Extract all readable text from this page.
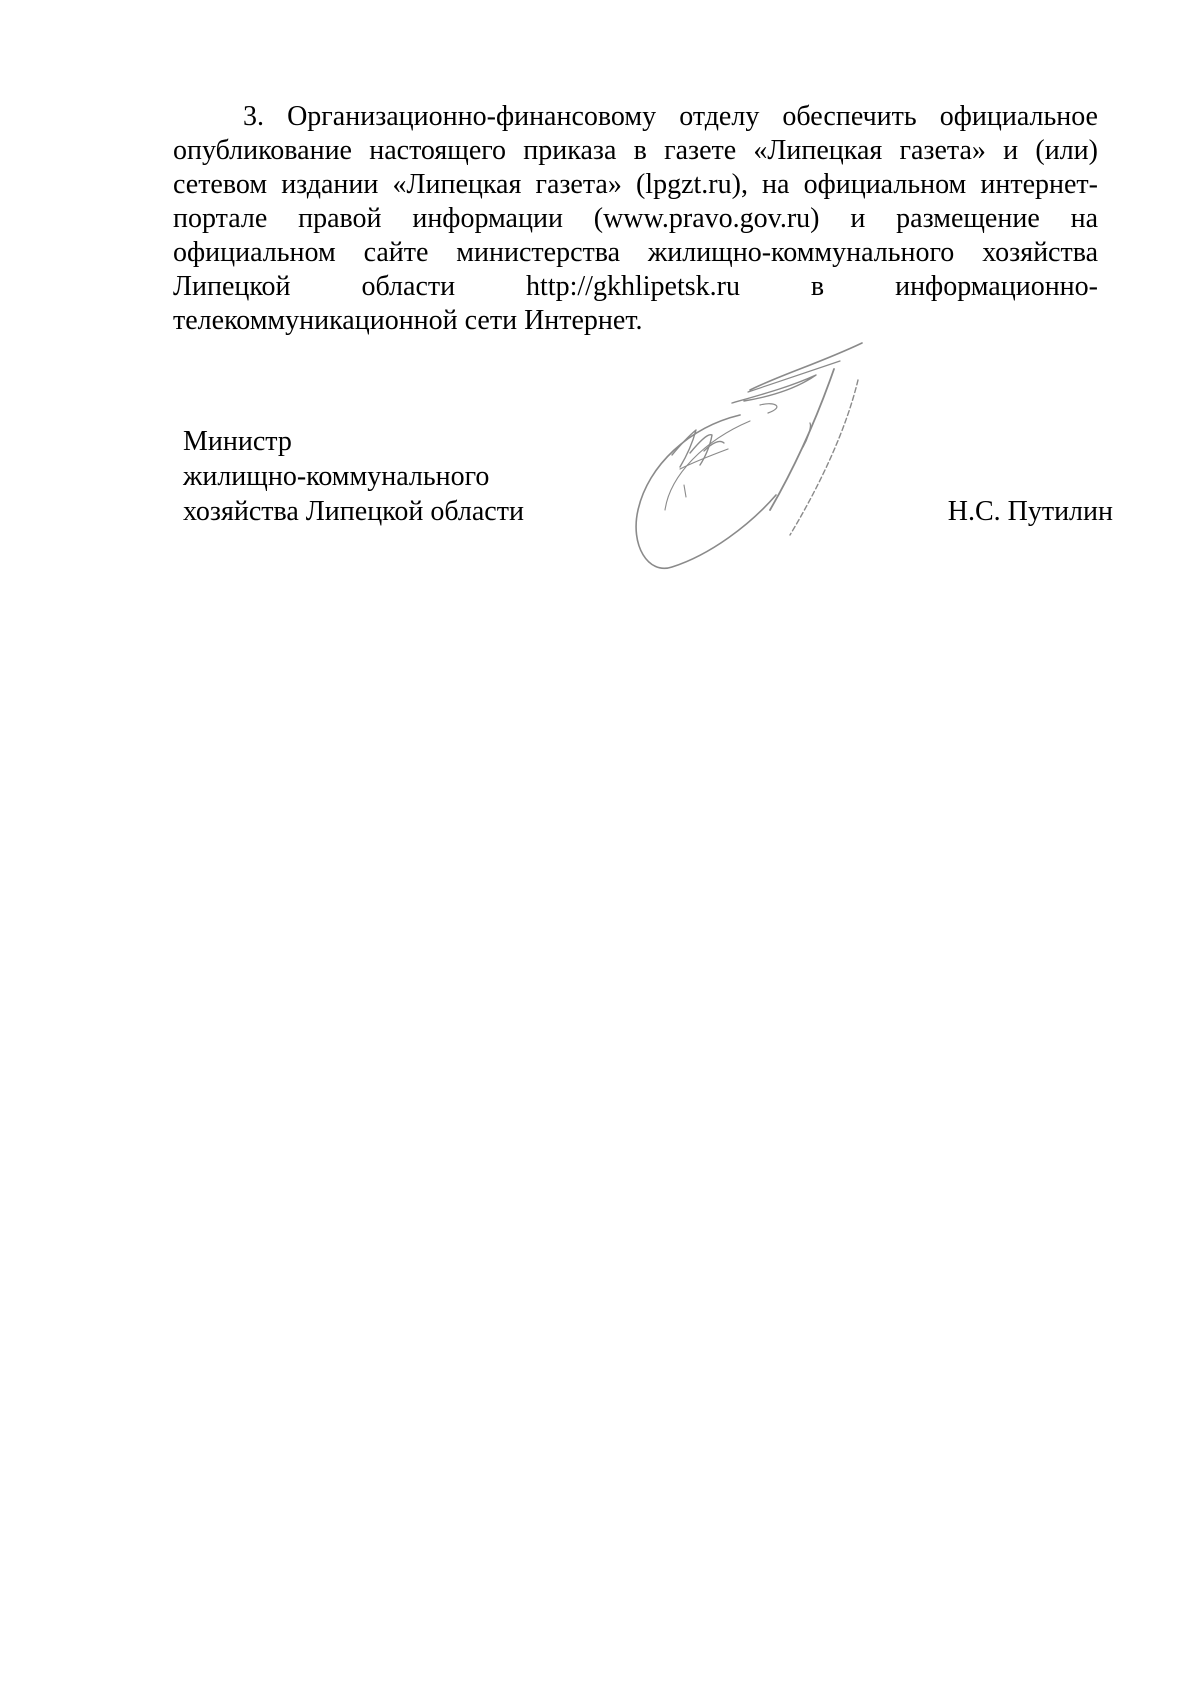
3. Организационно-финансовому отделу обеспечить официальное
опубликование настоящего приказа в газете «Липецкая газета» и (или)
сетевом издании «Липецкая газета» (lpgzt.ru), на официальном интернет-
портале правой информации (www.pravo.gov.ru) и размещение на
официальном сайте министерства жилищно-коммунального хозяйства
Липецкой области http://gkhlipetsk.ru в информационно-
телекоммуникационной сети Интернет.
Министр
жилищно-коммунального
хозяйства Липецкой области	Н.С. Путилин
